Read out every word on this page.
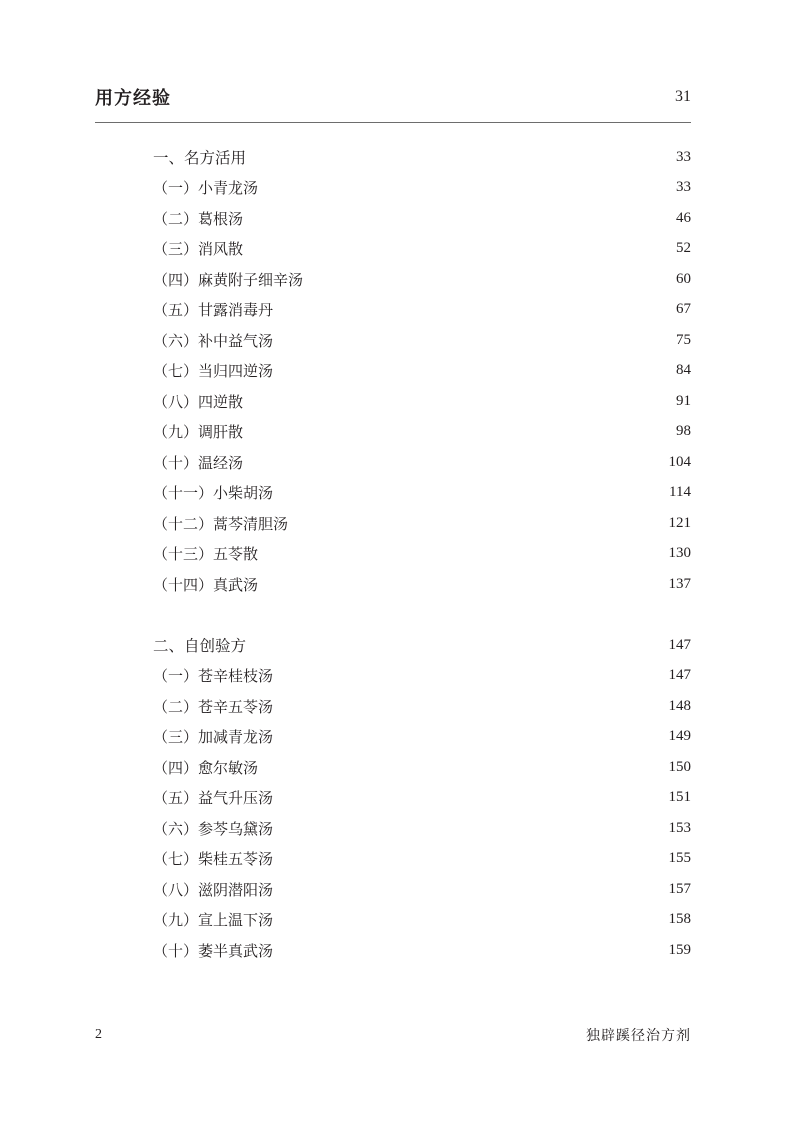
用方经验	31
一、名方活用	33
（一）小青龙汤	33
（二）葛根汤	46
（三）消风散	52
（四）麻黄附子细辛汤	60
（五）甘露消毒丹	67
（六）补中益气汤	75
（七）当归四逆汤	84
（八）四逆散	91
（九）调肝散	98
（十）温经汤	104
（十一）小柴胡汤	114
（十二）蒿芩清胆汤	121
（十三）五苓散	130
（十四）真武汤	137
二、自创验方	147
（一）苍辛桂枝汤	147
（二）苍辛五苓汤	148
（三）加减青龙汤	149
（四）愈尔敏汤	150
（五）益气升压汤	151
（六）参芩乌黛汤	153
（七）柴桂五苓汤	155
（八）滋阴潜阳汤	157
（九）宣上温下汤	158
（十）萎半真武汤	159
2	独辟蹊径治方剂
